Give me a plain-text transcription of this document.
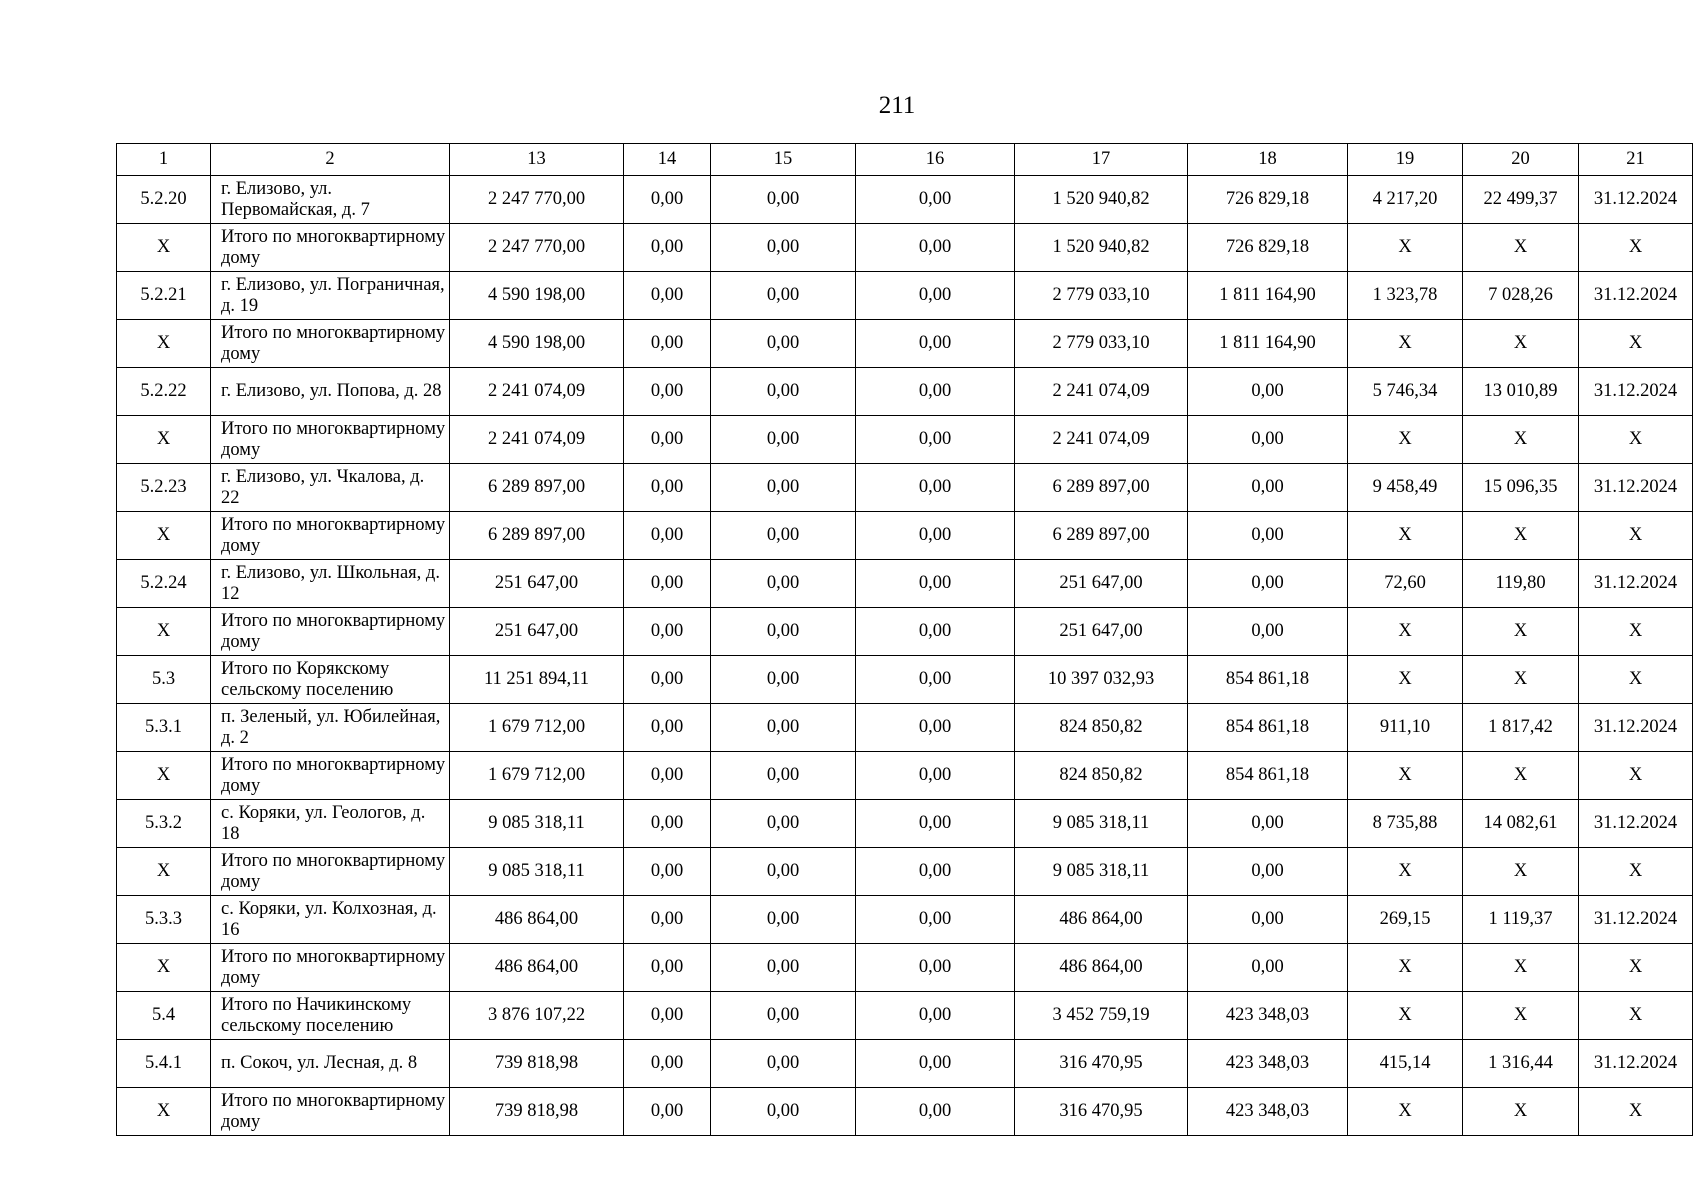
211
1	2	13	14	15	16	17	18	19	20	21
5.2.20	г. Елизово, ул. Первомайская, д. 7	2 247 770,00	0,00	0,00	0,00	1 520 940,82	726 829,18	4 217,20	22 499,37	31.12.2024
Х	Итого по многоквартирному дому	2 247 770,00	0,00	0,00	0,00	1 520 940,82	726 829,18	Х	Х	Х
5.2.21	г. Елизово, ул. Пограничная, д. 19	4 590 198,00	0,00	0,00	0,00	2 779 033,10	1 811 164,90	1 323,78	7 028,26	31.12.2024
Х	Итого по многоквартирному дому	4 590 198,00	0,00	0,00	0,00	2 779 033,10	1 811 164,90	Х	Х	Х
5.2.22	г. Елизово, ул. Попова, д. 28	2 241 074,09	0,00	0,00	0,00	2 241 074,09	0,00	5 746,34	13 010,89	31.12.2024
Х	Итого по многоквартирному дому	2 241 074,09	0,00	0,00	0,00	2 241 074,09	0,00	Х	Х	Х
5.2.23	г. Елизово, ул. Чкалова, д. 22	6 289 897,00	0,00	0,00	0,00	6 289 897,00	0,00	9 458,49	15 096,35	31.12.2024
Х	Итого по многоквартирному дому	6 289 897,00	0,00	0,00	0,00	6 289 897,00	0,00	Х	Х	Х
5.2.24	г. Елизово, ул. Школьная, д. 12	251 647,00	0,00	0,00	0,00	251 647,00	0,00	72,60	119,80	31.12.2024
Х	Итого по многоквартирному дому	251 647,00	0,00	0,00	0,00	251 647,00	0,00	Х	Х	Х
5.3	Итого по Корякскому сельскому поселению	11 251 894,11	0,00	0,00	0,00	10 397 032,93	854 861,18	Х	Х	Х
5.3.1	п. Зеленый, ул. Юбилейная, д. 2	1 679 712,00	0,00	0,00	0,00	824 850,82	854 861,18	911,10	1 817,42	31.12.2024
Х	Итого по многоквартирному дому	1 679 712,00	0,00	0,00	0,00	824 850,82	854 861,18	Х	Х	Х
5.3.2	с. Коряки, ул. Геологов, д. 18	9 085 318,11	0,00	0,00	0,00	9 085 318,11	0,00	8 735,88	14 082,61	31.12.2024
Х	Итого по многоквартирному дому	9 085 318,11	0,00	0,00	0,00	9 085 318,11	0,00	Х	Х	Х
5.3.3	с. Коряки, ул. Колхозная, д. 16	486 864,00	0,00	0,00	0,00	486 864,00	0,00	269,15	1 119,37	31.12.2024
Х	Итого по многоквартирному дому	486 864,00	0,00	0,00	0,00	486 864,00	0,00	Х	Х	Х
5.4	Итого по Начикинскому сельскому поселению	3 876 107,22	0,00	0,00	0,00	3 452 759,19	423 348,03	Х	Х	Х
5.4.1	п. Сокоч, ул. Лесная, д. 8	739 818,98	0,00	0,00	0,00	316 470,95	423 348,03	415,14	1 316,44	31.12.2024
Х	Итого по многоквартирному дому	739 818,98	0,00	0,00	0,00	316 470,95	423 348,03	Х	Х	Х
